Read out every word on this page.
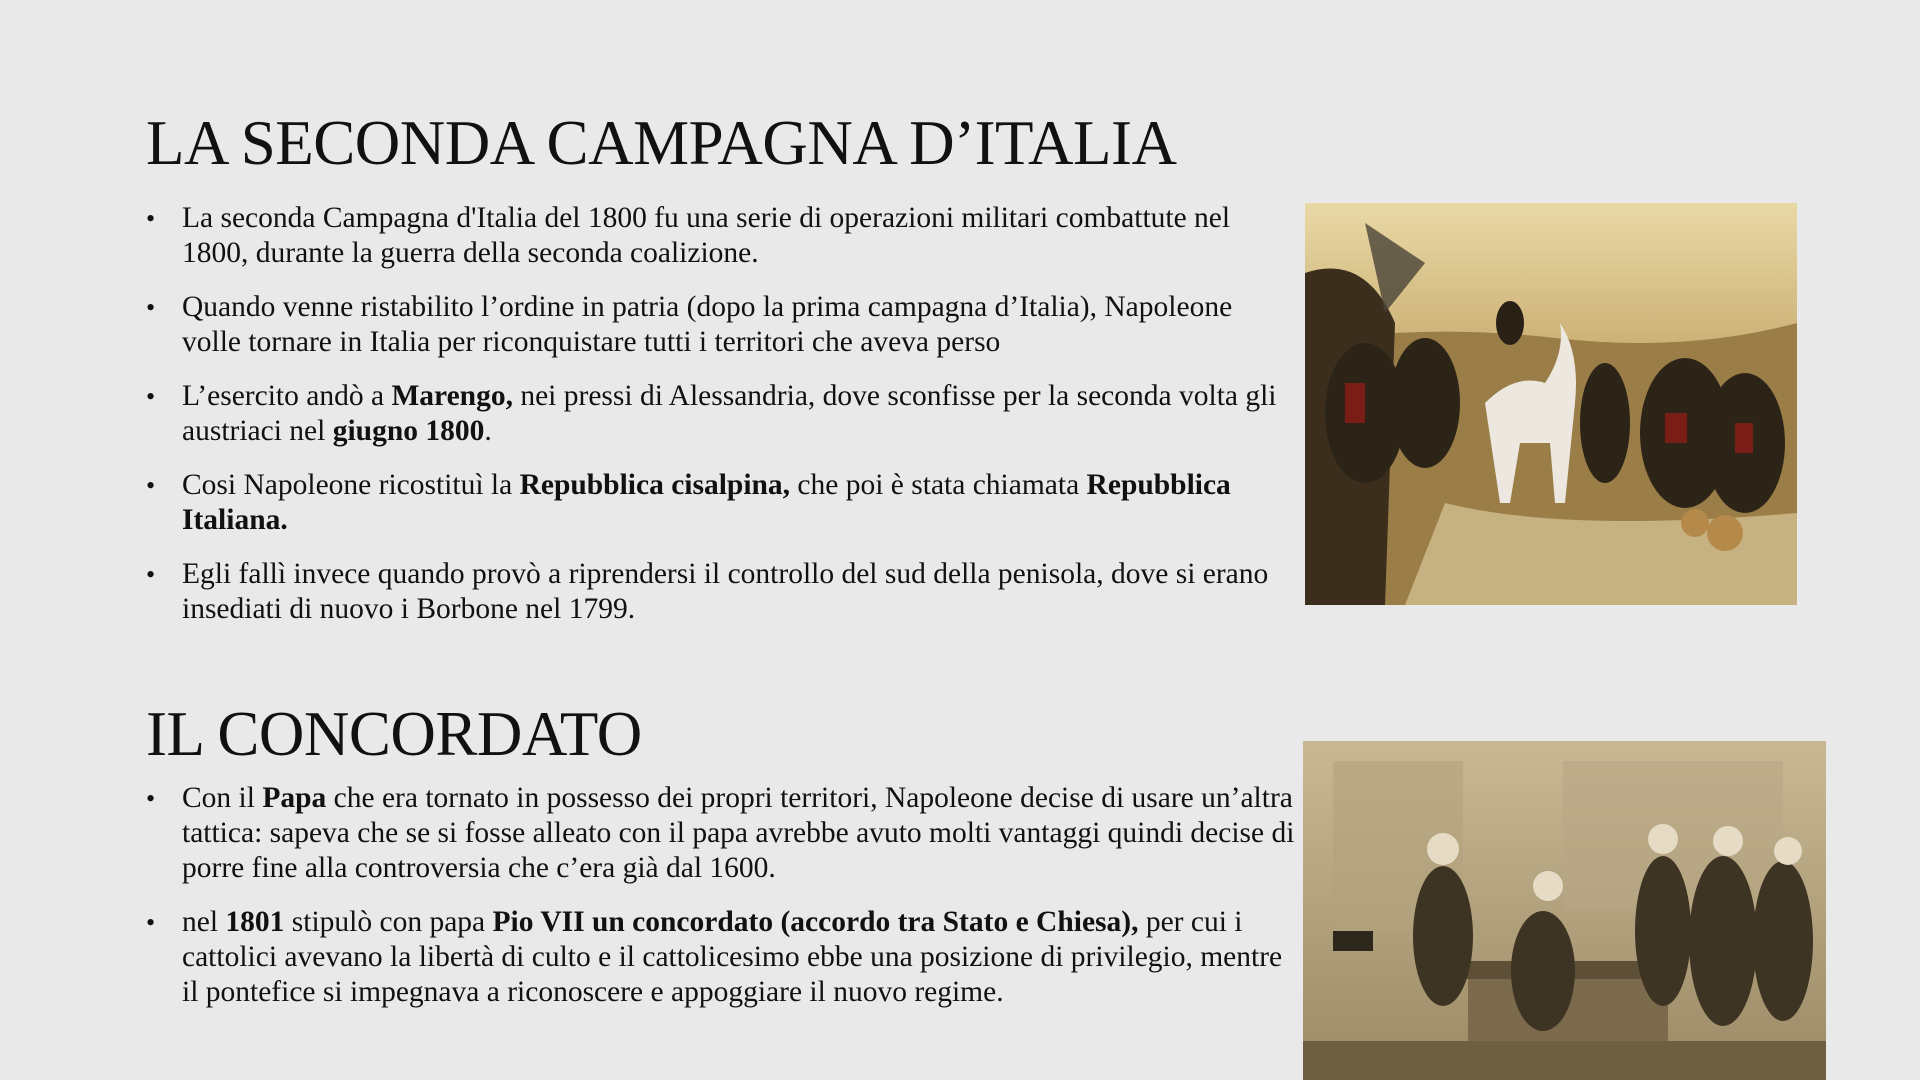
LA SECONDA CAMPAGNA D’ITALIA
• La seconda Campagna d'Italia del 1800 fu una serie di operazioni militari combattute nel 1800, durante la guerra della seconda coalizione.
• Quando venne ristabilito l’ordine in patria (dopo la prima campagna d’Italia), Napoleone volle tornare in Italia per riconquistare tutti i territori che aveva perso
• L’esercito andò a Marengo, nei pressi di Alessandria, dove sconfisse per la seconda volta gli austriaci nel giugno 1800.
• Cosi Napoleone ricostituì la Repubblica cisalpina, che poi è stata chiamata Repubblica Italiana.
• Egli fallì invece quando provò a riprendersi il controllo del sud della penisola, dove si erano insediati di nuovo i Borbone nel 1799.
IL CONCORDATO
• Con il Papa che era tornato in possesso dei propri territori, Napoleone decise di usare un’altra tattica: sapeva che se si fosse alleato con il papa avrebbe avuto molti vantaggi quindi decise di porre fine alla controversia che c’era già dal 1600.
• nel 1801 stipulò con papa Pio VII un concordato (accordo tra Stato e Chiesa), per cui i cattolici avevano la libertà di culto e il cattolicesimo ebbe una posizione di privilegio, mentre il pontefice si impegnava a riconoscere e appoggiare il nuovo regime.
